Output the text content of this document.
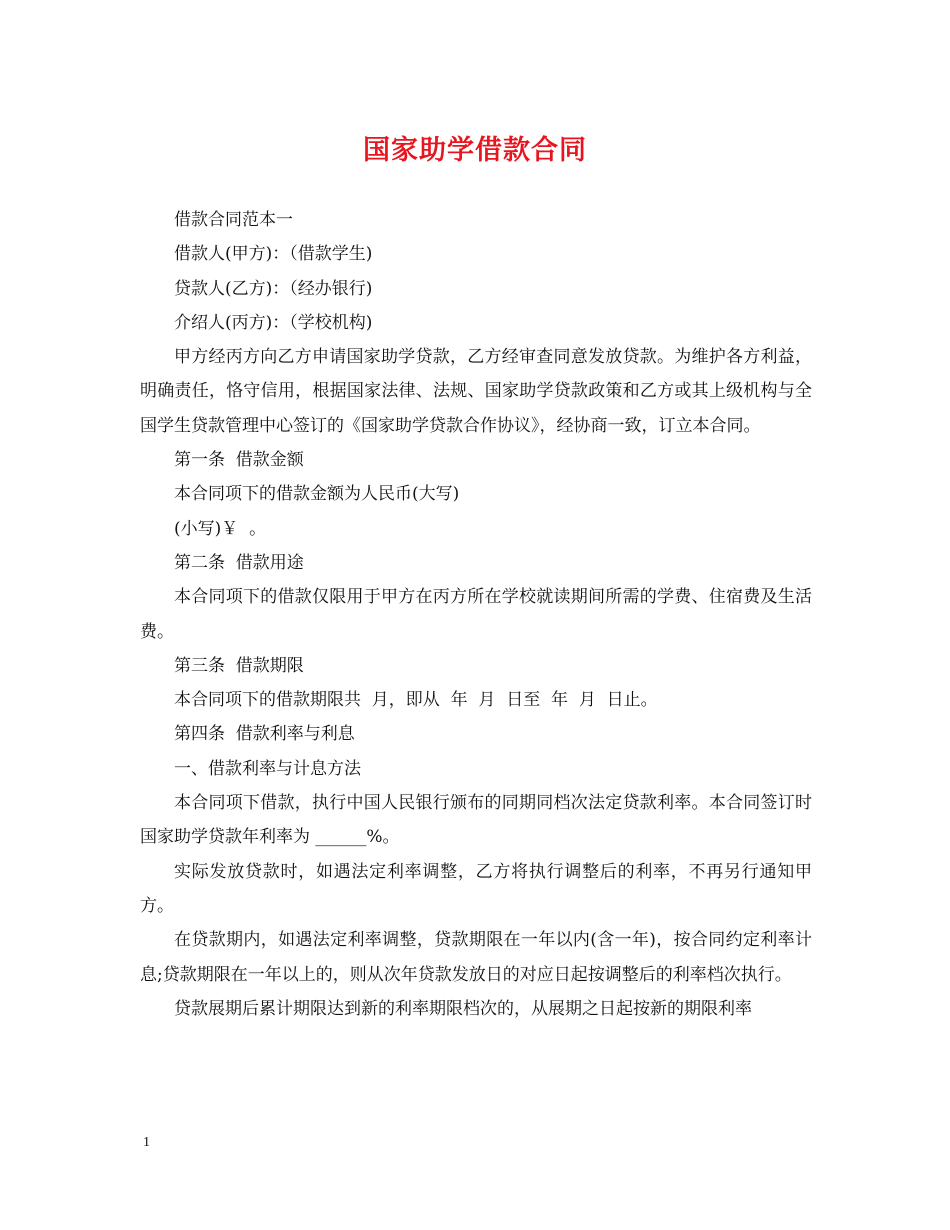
国家助学借款合同

借款合同范本一

借款人(甲方)：（借款学生)

贷款人(乙方)：（经办银行)

介绍人(丙方)：（学校机构)

甲方经丙方向乙方申请国家助学贷款，乙方经审查同意发放贷款。为维护各方利益，明确责任，恪守信用，根据国家法律、法规、国家助学贷款政策和乙方或其上级机构与全国学生贷款管理中心签订的《国家助学贷款合作协议》，经协商一致，订立本合同。

第一条  借款金额

本合同项下的借款金额为人民币(大写)

(小写)￥  。

第二条  借款用途

本合同项下的借款仅限用于甲方在丙方所在学校就读期间所需的学费、住宿费及生活费。

第三条  借款期限

本合同项下的借款期限共  月，即从  年  月  日至  年  月  日止。

第四条  借款利率与利息

一、借款利率与计息方法

本合同项下借款，执行中国人民银行颁布的同期同档次法定贷款利率。本合同签订时国家助学贷款年利率为 ______%。

实际发放贷款时，如遇法定利率调整，乙方将执行调整后的利率，不再另行通知甲方。

在贷款期内，如遇法定利率调整，贷款期限在一年以内(含一年)，按合同约定利率计息;贷款期限在一年以上的，则从次年贷款发放日的对应日起按调整后的利率档次执行。

贷款展期后累计期限达到新的利率期限档次的，从展期之日起按新的期限利率

1
